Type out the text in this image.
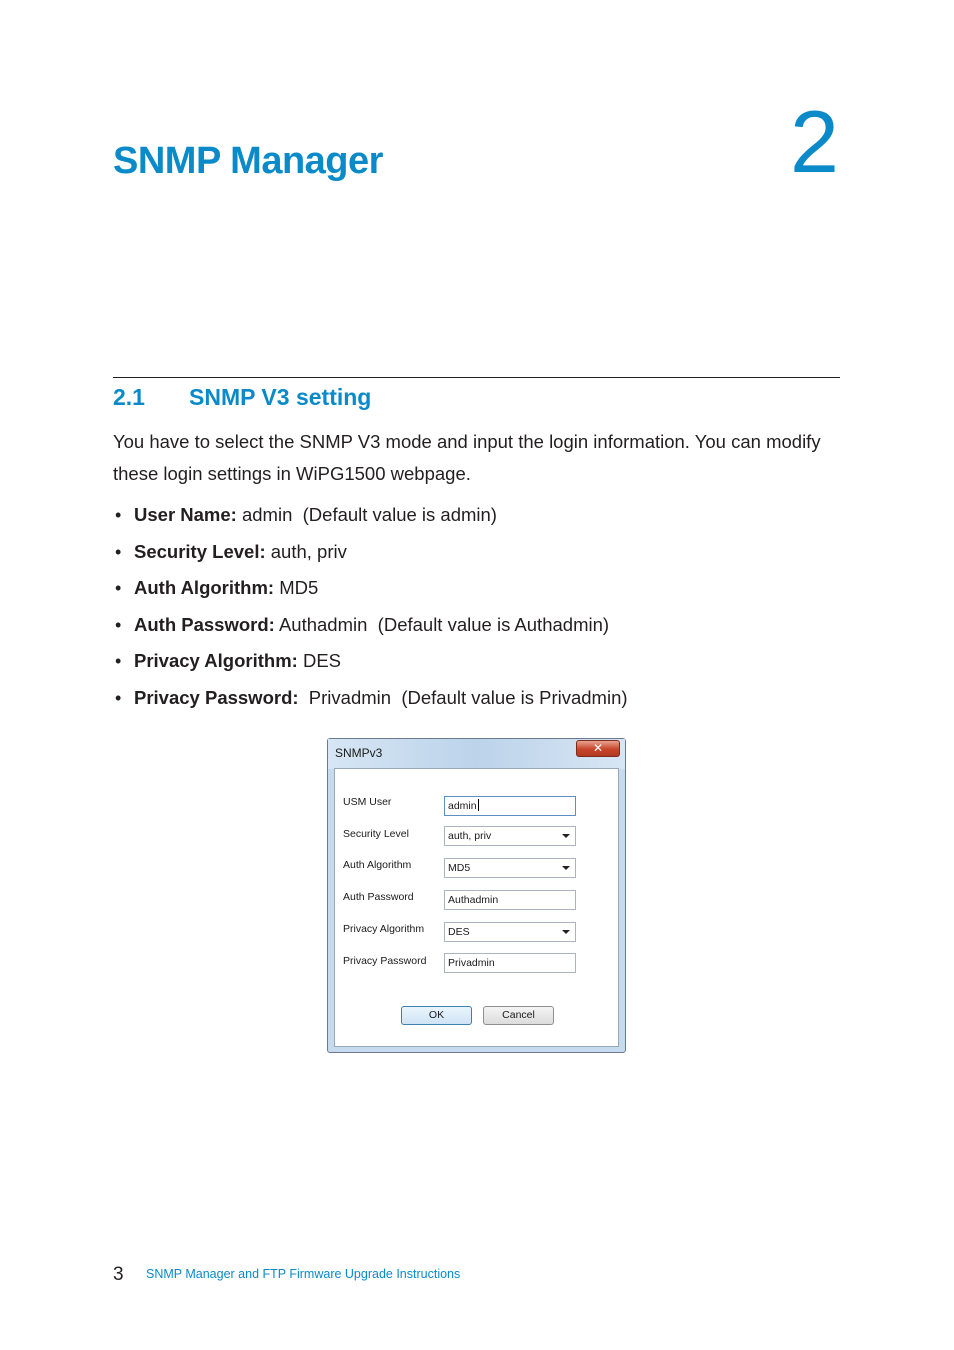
SNMP Manager	2
2.1 SNMP V3 setting

You have to select the SNMP V3 mode and input the login information. You can modify these login settings in WiPG1500 webpage.

• User Name: admin  (Default value is admin)
• Security Level: auth, priv
• Auth Algorithm: MD5
• Auth Password: Authadmin  (Default value is Authadmin)
• Privacy Algorithm: DES
• Privacy Password:  Privadmin  (Default value is Privadmin)
SNMPv3	✕
USM User	admin
Security Level	auth, priv
Auth Algorithm	MD5
Auth Password	Authadmin
Privacy Algorithm	DES
Privacy Password	Privadmin
OK	Cancel
3 SNMP Manager and FTP Firmware Upgrade Instructions
